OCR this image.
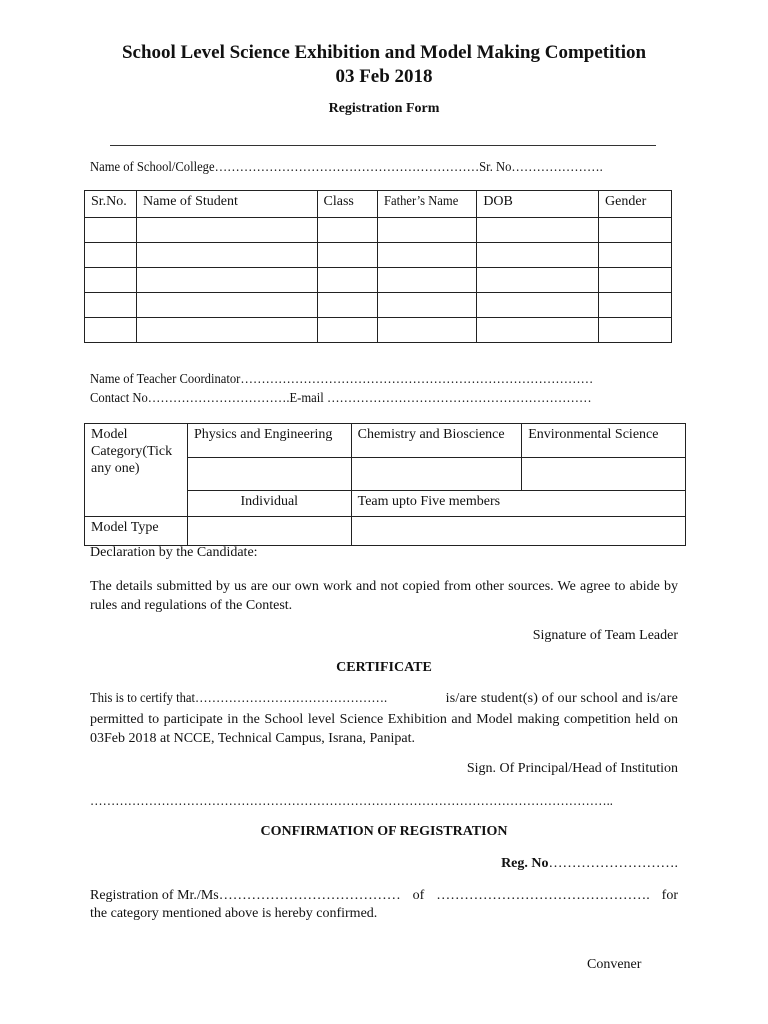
School Level Science Exhibition and Model Making Competition
03 Feb 2018
Registration Form
Name of School/College………………………………………………………Sr. No………………….
Sr.No.	Name of Student	Class	Father’s Name	DOB	Gender

Name of Teacher Coordinator…………………………………………………………………………
Contact No…………………………….E-mail ………………………………………………………
Model Category(Tick any one)	Physics and Engineering	Chemistry and Bioscience	Environmental Science

	Individual	Team upto Five members	
Model Type			
Declaration by the Candidate:
The details submitted by us are our own work and not copied from other sources. We agree to abide by rules and regulations of the Contest.
Signature of Team Leader
CERTIFICATE
This is to certify that……………………………………….	is/are student(s) of our school and is/are
permitted to participate in the School level Science Exhibition and Model making competition held on 03Feb 2018 at NCCE, Technical Campus, Israna, Panipat.
Sign. Of Principal/Head of Institution
……………………………………………………………………………………………………………..
CONFIRMATION OF REGISTRATION
Reg. No……………………….
Registration of Mr./Ms………………………………… of ………………………………………. for
the category mentioned above is hereby confirmed.
Convener
